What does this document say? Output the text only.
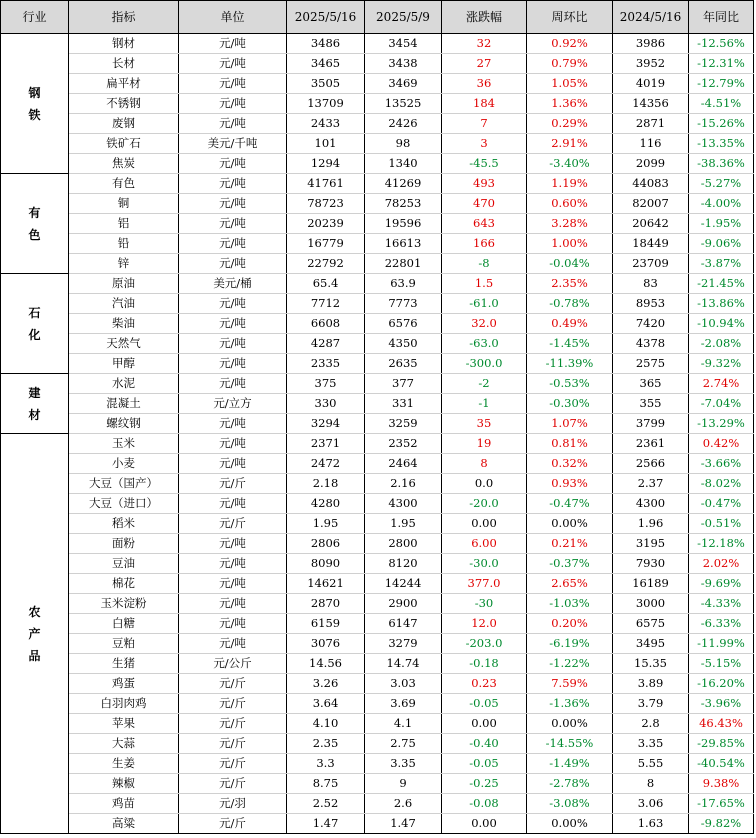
行业	指标	单位	2025/5/16	2025/5/9	涨跌幅	周环比	2024/5/16	年同比

钢
铁	钢材	元/吨	3486	3454	32	0.92%	3986	-12.56%
	长材	元/吨	3465	3438	27	0.79%	3952	-12.31%
	扁平材	元/吨	3505	3469	36	1.05%	4019	-12.79%
	不锈钢	元/吨	13709	13525	184	1.36%	14356	-4.51%
	废钢	元/吨	2433	2426	7	0.29%	2871	-15.26%
	铁矿石	美元/千吨	101	98	3	2.91%	116	-13.35%
	焦炭	元/吨	1294	1340	-45.5	-3.40%	2099	-38.36%

有
色	有色	元/吨	41761	41269	493	1.19%	44083	-5.27%
	铜	元/吨	78723	78253	470	0.60%	82007	-4.00%
	铝	元/吨	20239	19596	643	3.28%	20642	-1.95%
	铅	元/吨	16779	16613	166	1.00%	18449	-9.06%
	锌	元/吨	22792	22801	-8	-0.04%	23709	-3.87%

石
化	原油	美元/桶	65.4	63.9	1.5	2.35%	83	-21.45%
	汽油	元/吨	7712	7773	-61.0	-0.78%	8953	-13.86%
	柴油	元/吨	6608	6576	32.0	0.49%	7420	-10.94%
	天然气	元/吨	4287	4350	-63.0	-1.45%	4378	-2.08%
	甲醇	元/吨	2335	2635	-300.0	-11.39%	2575	-9.32%

建
材	水泥	元/吨	375	377	-2	-0.53%	365	2.74%
	混凝土	元/立方	330	331	-1	-0.30%	355	-7.04%
	螺纹钢	元/吨	3294	3259	35	1.07%	3799	-13.29%

农
产
品	玉米	元/吨	2371	2352	19	0.81%	2361	0.42%
	小麦	元/吨	2472	2464	8	0.32%	2566	-3.66%
	大豆（国产）	元/斤	2.18	2.16	0.0	0.93%	2.37	-8.02%
	大豆（进口）	元/吨	4280	4300	-20.0	-0.47%	4300	-0.47%
	稻米	元/斤	1.95	1.95	0.00	0.00%	1.96	-0.51%
	面粉	元/吨	2806	2800	6.00	0.21%	3195	-12.18%
	豆油	元/吨	8090	8120	-30.0	-0.37%	7930	2.02%
	棉花	元/吨	14621	14244	377.0	2.65%	16189	-9.69%
	玉米淀粉	元/吨	2870	2900	-30	-1.03%	3000	-4.33%
	白糖	元/吨	6159	6147	12.0	0.20%	6575	-6.33%
	豆粕	元/吨	3076	3279	-203.0	-6.19%	3495	-11.99%
	生猪	元/公斤	14.56	14.74	-0.18	-1.22%	15.35	-5.15%
	鸡蛋	元/斤	3.26	3.03	0.23	7.59%	3.89	-16.20%
	白羽肉鸡	元/斤	3.64	3.69	-0.05	-1.36%	3.79	-3.96%
	苹果	元/斤	4.10	4.1	0.00	0.00%	2.8	46.43%
	大蒜	元/斤	2.35	2.75	-0.40	-14.55%	3.35	-29.85%
	生姜	元/斤	3.3	3.35	-0.05	-1.49%	5.55	-40.54%
	辣椒	元/斤	8.75	9	-0.25	-2.78%	8	9.38%
	鸡苗	元/羽	2.52	2.6	-0.08	-3.08%	3.06	-17.65%
	高粱	元/斤	1.47	1.47	0.00	0.00%	1.63	-9.82%
